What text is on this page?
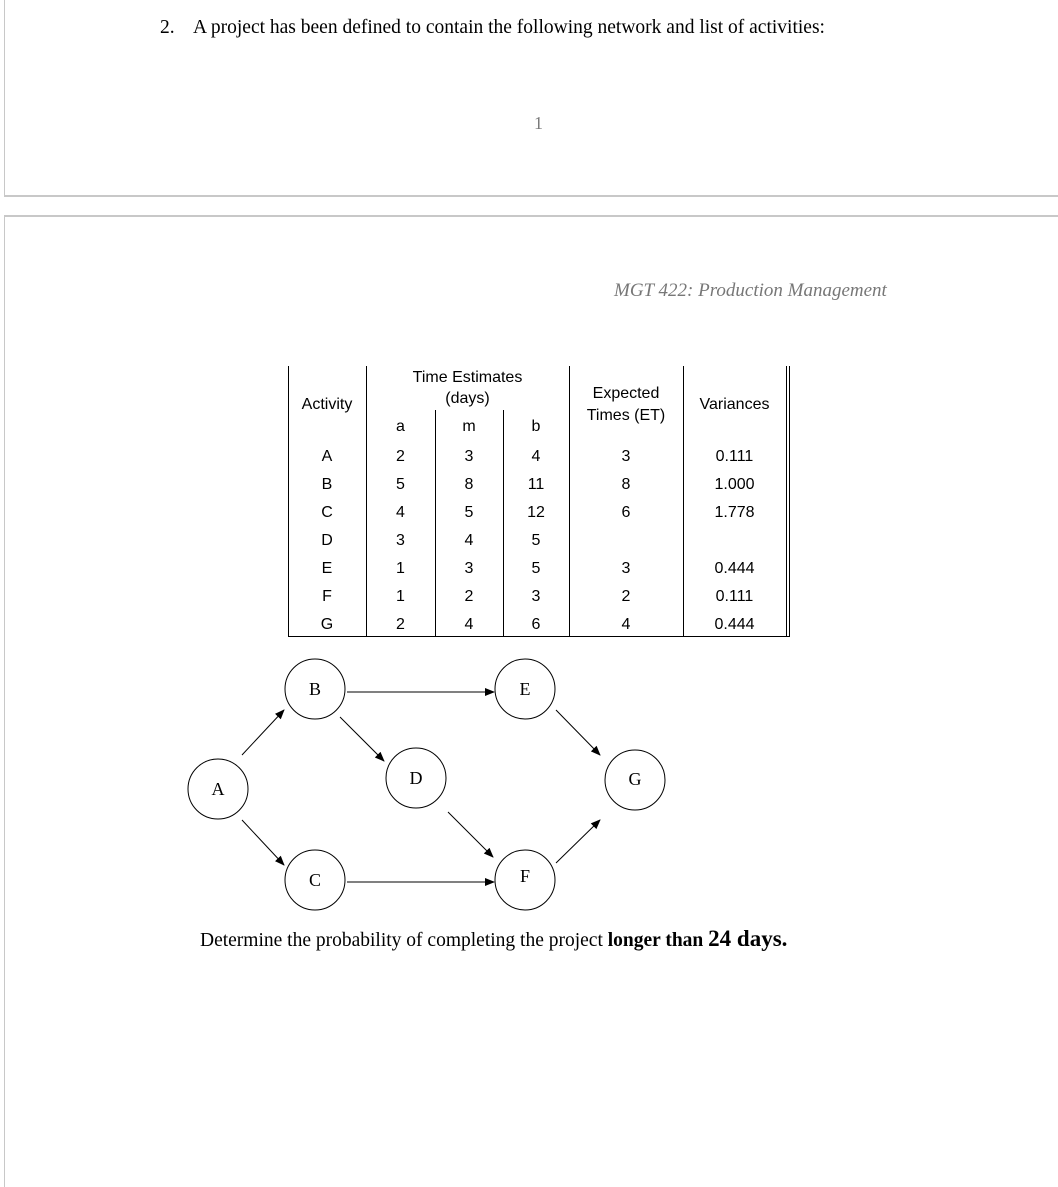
2. A project has been defined to contain the following network and list of activities:
1
MGT 422: Production Management
Activity
Time Estimates
(days)
a	m	b
Expected
Times (ET)
Variances
A	2	3	4	3	0.111
B	5	8	11	8	1.000
C	4	5	12	6	1.778
D	3	4	5
E	1	3	5	3	0.444
F	1	2	3	2	0.111
G	2	4	6	4	0.444
A
B
C
D
E
F
G
Determine the probability of completing the project longer than 24 days.
